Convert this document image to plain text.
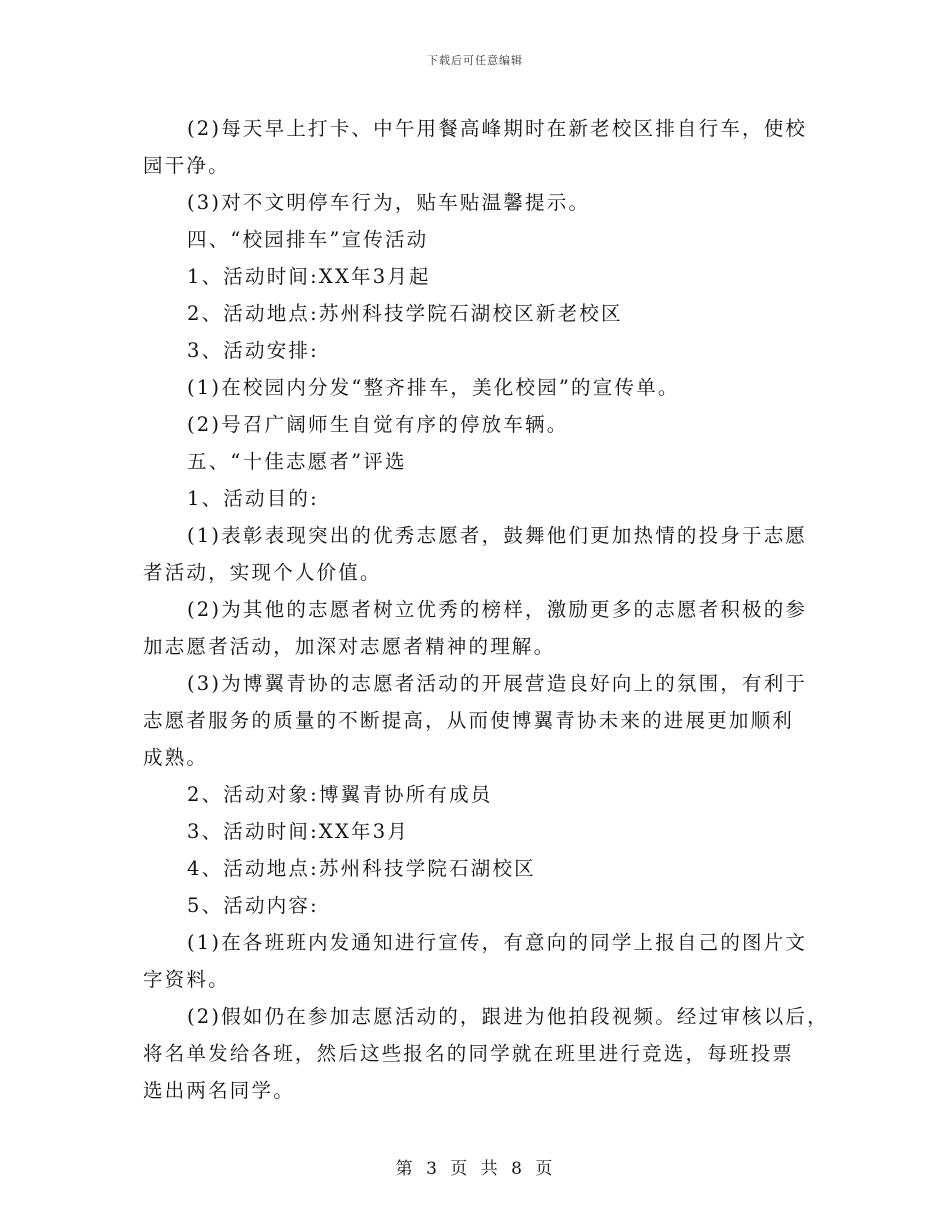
下载后可任意编辑
(2)每天早上打卡、中午用餐高峰期时在新老校区排自行车，使校
园干净。
(3)对不文明停车行为，贴车贴温馨提示。
四、“校园排车”宣传活动
1、活动时间:XX年3月起
2、活动地点:苏州科技学院石湖校区新老校区
3、活动安排:
(1)在校园内分发“整齐排车，美化校园”的宣传单。
(2)号召广阔师生自觉有序的停放车辆。
五、“十佳志愿者”评选
1、活动目的:
(1)表彰表现突出的优秀志愿者，鼓舞他们更加热情的投身于志愿
者活动，实现个人价值。
(2)为其他的志愿者树立优秀的榜样，激励更多的志愿者积极的参
加志愿者活动，加深对志愿者精神的理解。
(3)为博翼青协的志愿者活动的开展营造良好向上的氛围，有利于
志愿者服务的质量的不断提高，从而使博翼青协未来的进展更加顺利
成熟。
2、活动对象:博翼青协所有成员
3、活动时间:XX年3月
4、活动地点:苏州科技学院石湖校区
5、活动内容:
(1)在各班班内发通知进行宣传，有意向的同学上报自己的图片文
字资料。
(2)假如仍在参加志愿活动的，跟进为他拍段视频。经过审核以后，
将名单发给各班，然后这些报名的同学就在班里进行竞选，每班投票
选出两名同学。
第 3 页 共 8 页
